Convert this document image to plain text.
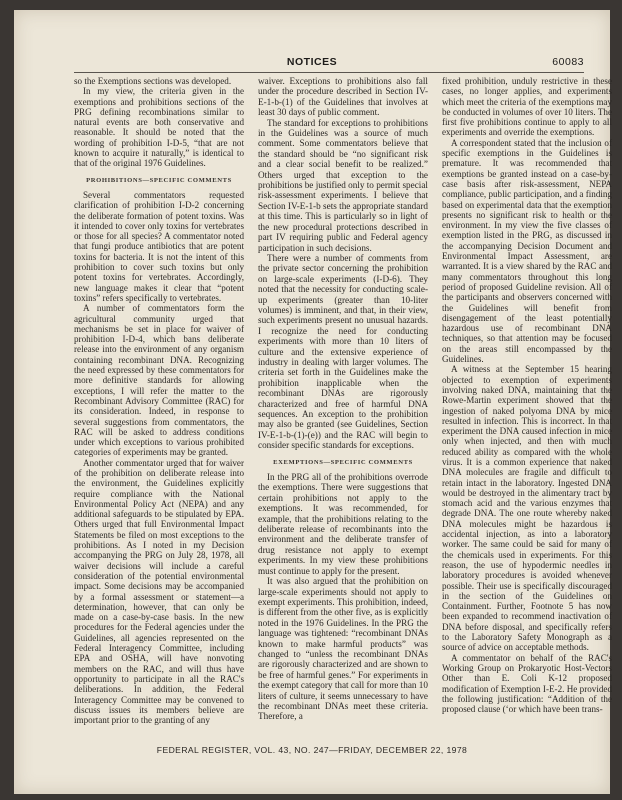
NOTICES	60083

so the Exemptions sections was developed.

In my view, the criteria given in the exemptions and prohibitions sections of the PRG defining recombinations similar to natural events are both conservative and reasonable. It should be noted that the wording of prohibition I-D-5, “that are not known to acquire it naturally,” is identical to that of the original 1976 Guidelines.

PROHIBITIONS—SPECIFIC COMMENTS

Several commentators requested clarification of prohibition I-D-2 concerning the deliberate formation of potent toxins. Was it intended to cover only toxins for vertebrates or those for all species? A commentator noted that fungi produce antibiotics that are potent toxins for bacteria. It is not the intent of this prohibition to cover such toxins but only potent toxins for vertebrates. Accordingly, new language makes it clear that “potent toxins” refers specifically to vertebrates.

A number of commentators form the agricultural community urged that mechanisms be set in place for waiver of prohibition I-D-4, which bans deliberate release into the environment of any organism containing recombinant DNA. Recognizing the need expressed by these commentators for more definitive standards for allowing exceptions, I will refer the matter to the Recombinant Advisory Committee (RAC) for its consideration. Indeed, in response to several suggestions from commentators, the RAC will be asked to address conditions under which exceptions to various prohibited categories of experiments may be granted.

Another commentator urged that for waiver of the prohibition on deliberate release into the environment, the Guidelines explicitly require compliance with the National Environmental Policy Act (NEPA) and any additional safeguards to be stipulated by EPA. Others urged that full Environmental Impact Statements be filed on most exceptions to the prohibitions. As I noted in my Decision accompanying the PRG on July 28, 1978, all waiver decisions will include a careful consideration of the potential environmental impact. Some decisions may be accompanied by a formal assessment or statement—a determination, however, that can only be made on a case-by-case basis. In the new procedures for the Federal agencies under the Guidelines, all agencies represented on the Federal Interagency Committee, including EPA and OSHA, will have nonvoting members on the RAC, and will thus have opportunity to participate in all the RAC's deliberations. In addition, the Federal Interagency Committee may be convened to discuss issues its members believe are important prior to the granting of any

waiver. Exceptions to prohibitions also fall under the procedure described in Section IV-E-1-b-(1) of the Guidelines that involves at least 30 days of public comment.

The standard for exceptions to prohibitions in the Guidelines was a source of much comment. Some commentators believe that the standard should be “no significant risk and a clear social benefit to be realized.” Others urged that exception to the prohibitions be justified only to permit special risk-assessment experiments. I believe that Section IV-E-1-b sets the appropriate standard at this time. This is particularly so in light of the new procedural protections described in part IV requiring public and Federal agency participation in such decisions.

There were a number of comments from the private sector concerning the prohibition on large-scale experiments (I-D-6). They noted that the necessity for conducting scale-up experiments (greater than 10-liter volumes) is imminent, and that, in their view, such experiments present no unusual hazards. I recognize the need for conducting experiments with more than 10 liters of culture and the extensive experience of industry in dealing with larger volumes. The criteria set forth in the Guidelines make the prohibition inapplicable when the recombinant DNAs are rigorously characterized and free of harmful DNA sequences. An exception to the prohibition may also be granted (see Guidelines, Section IV-E-1-b-(1)-(e)) and the RAC will begin to consider specific standards for exceptions.

EXEMPTIONS—SPECIFIC COMMENTS

In the PRG all of the prohibitions overrode the exemptions. There were suggestions that certain prohibitions not apply to the exemptions. It was recommended, for example, that the prohibitions relating to the deliberate release of recombinants into the environment and the deliberate transfer of drug resistance not apply to exempt experiments. In my view these prohibitions must continue to apply for the present.

It was also argued that the prohibition on large-scale experiments should not apply to exempt experiments. This prohibition, indeed, is different from the other five, as is explicitly noted in the 1976 Guidelines. In the PRG the language was tightened: “recombinant DNAs known to make harmful products” was changed to “unless the recombinant DNAs are rigorously characterized and are shown to be free of harmful genes.” For experiments in the exempt category that call for more than 10 liters of culture, it seems unnecessary to have the recombinant DNAs meet these criteria. Therefore, a

fixed prohibition, unduly restrictive in these cases, no longer applies, and experiments which meet the criteria of the exemptions may be conducted in volumes of over 10 liters. The first five prohibitions continue to apply to all experiments and override the exemptions.

A correspondent stated that the inclusion of specific exemptions in the Guidelines is premature. It was recommended that exemptions be granted instead on a case-by-case basis after risk-assessment, NEPA compliance, public participation, and a finding based on experimental data that the exemption presents no significant risk to health or the environment. In my view the five classes of exemption listed in the PRG, as discussed in the accompanying Decision Document and Environmental Impact Assessment, are warranted. It is a view shared by the RAC and many commentators throughout this long period of proposed Guideline revision. All of the participants and observers concerned with the Guidelines will benefit from disengagement of the least potentially hazardous use of recombinant DNA techniques, so that attention may be focused on the areas still encompassed by the Guidelines.

A witness at the September 15 hearing objected to exemption of experiments involving naked DNA, maintaining that the Rowe-Martin experiment showed that the ingestion of naked polyoma DNA by mice resulted in infection. This is incorrect. In that experiment the DNA caused infection in mice only when injected, and then with much reduced ability as compared with the whole virus. It is a common experience that naked DNA molecules are fragile and difficult to retain intact in the laboratory. Ingested DNA would be destroyed in the alimentary tract by stomach acid and the various enzymes that degrade DNA. The one route whereby naked DNA molecules might be hazardous is accidental injection, as into a laboratory worker. The same could be said for many of the chemicals used in experiments. For this reason, the use of hypodermic needles in laboratory procedures is avoided whenever possible. Their use is specifically discouraged in the section of the Guidelines on Containment. Further, Footnote 5 has now been expanded to recommend inactivation of DNA before disposal, and specifically refers to the Laboratory Safety Monograph as a source of advice on acceptable methods.

A commentator on behalf of the RAC's Working Group on Prokaryotic Host-Vectors Other than E. Coli K-12 proposed modification of Exemption I-E-2. He provided the following justification: “Addition of the proposed clause (‘or which have been trans-

FEDERAL REGISTER, VOL. 43, NO. 247—FRIDAY, DECEMBER 22, 1978
